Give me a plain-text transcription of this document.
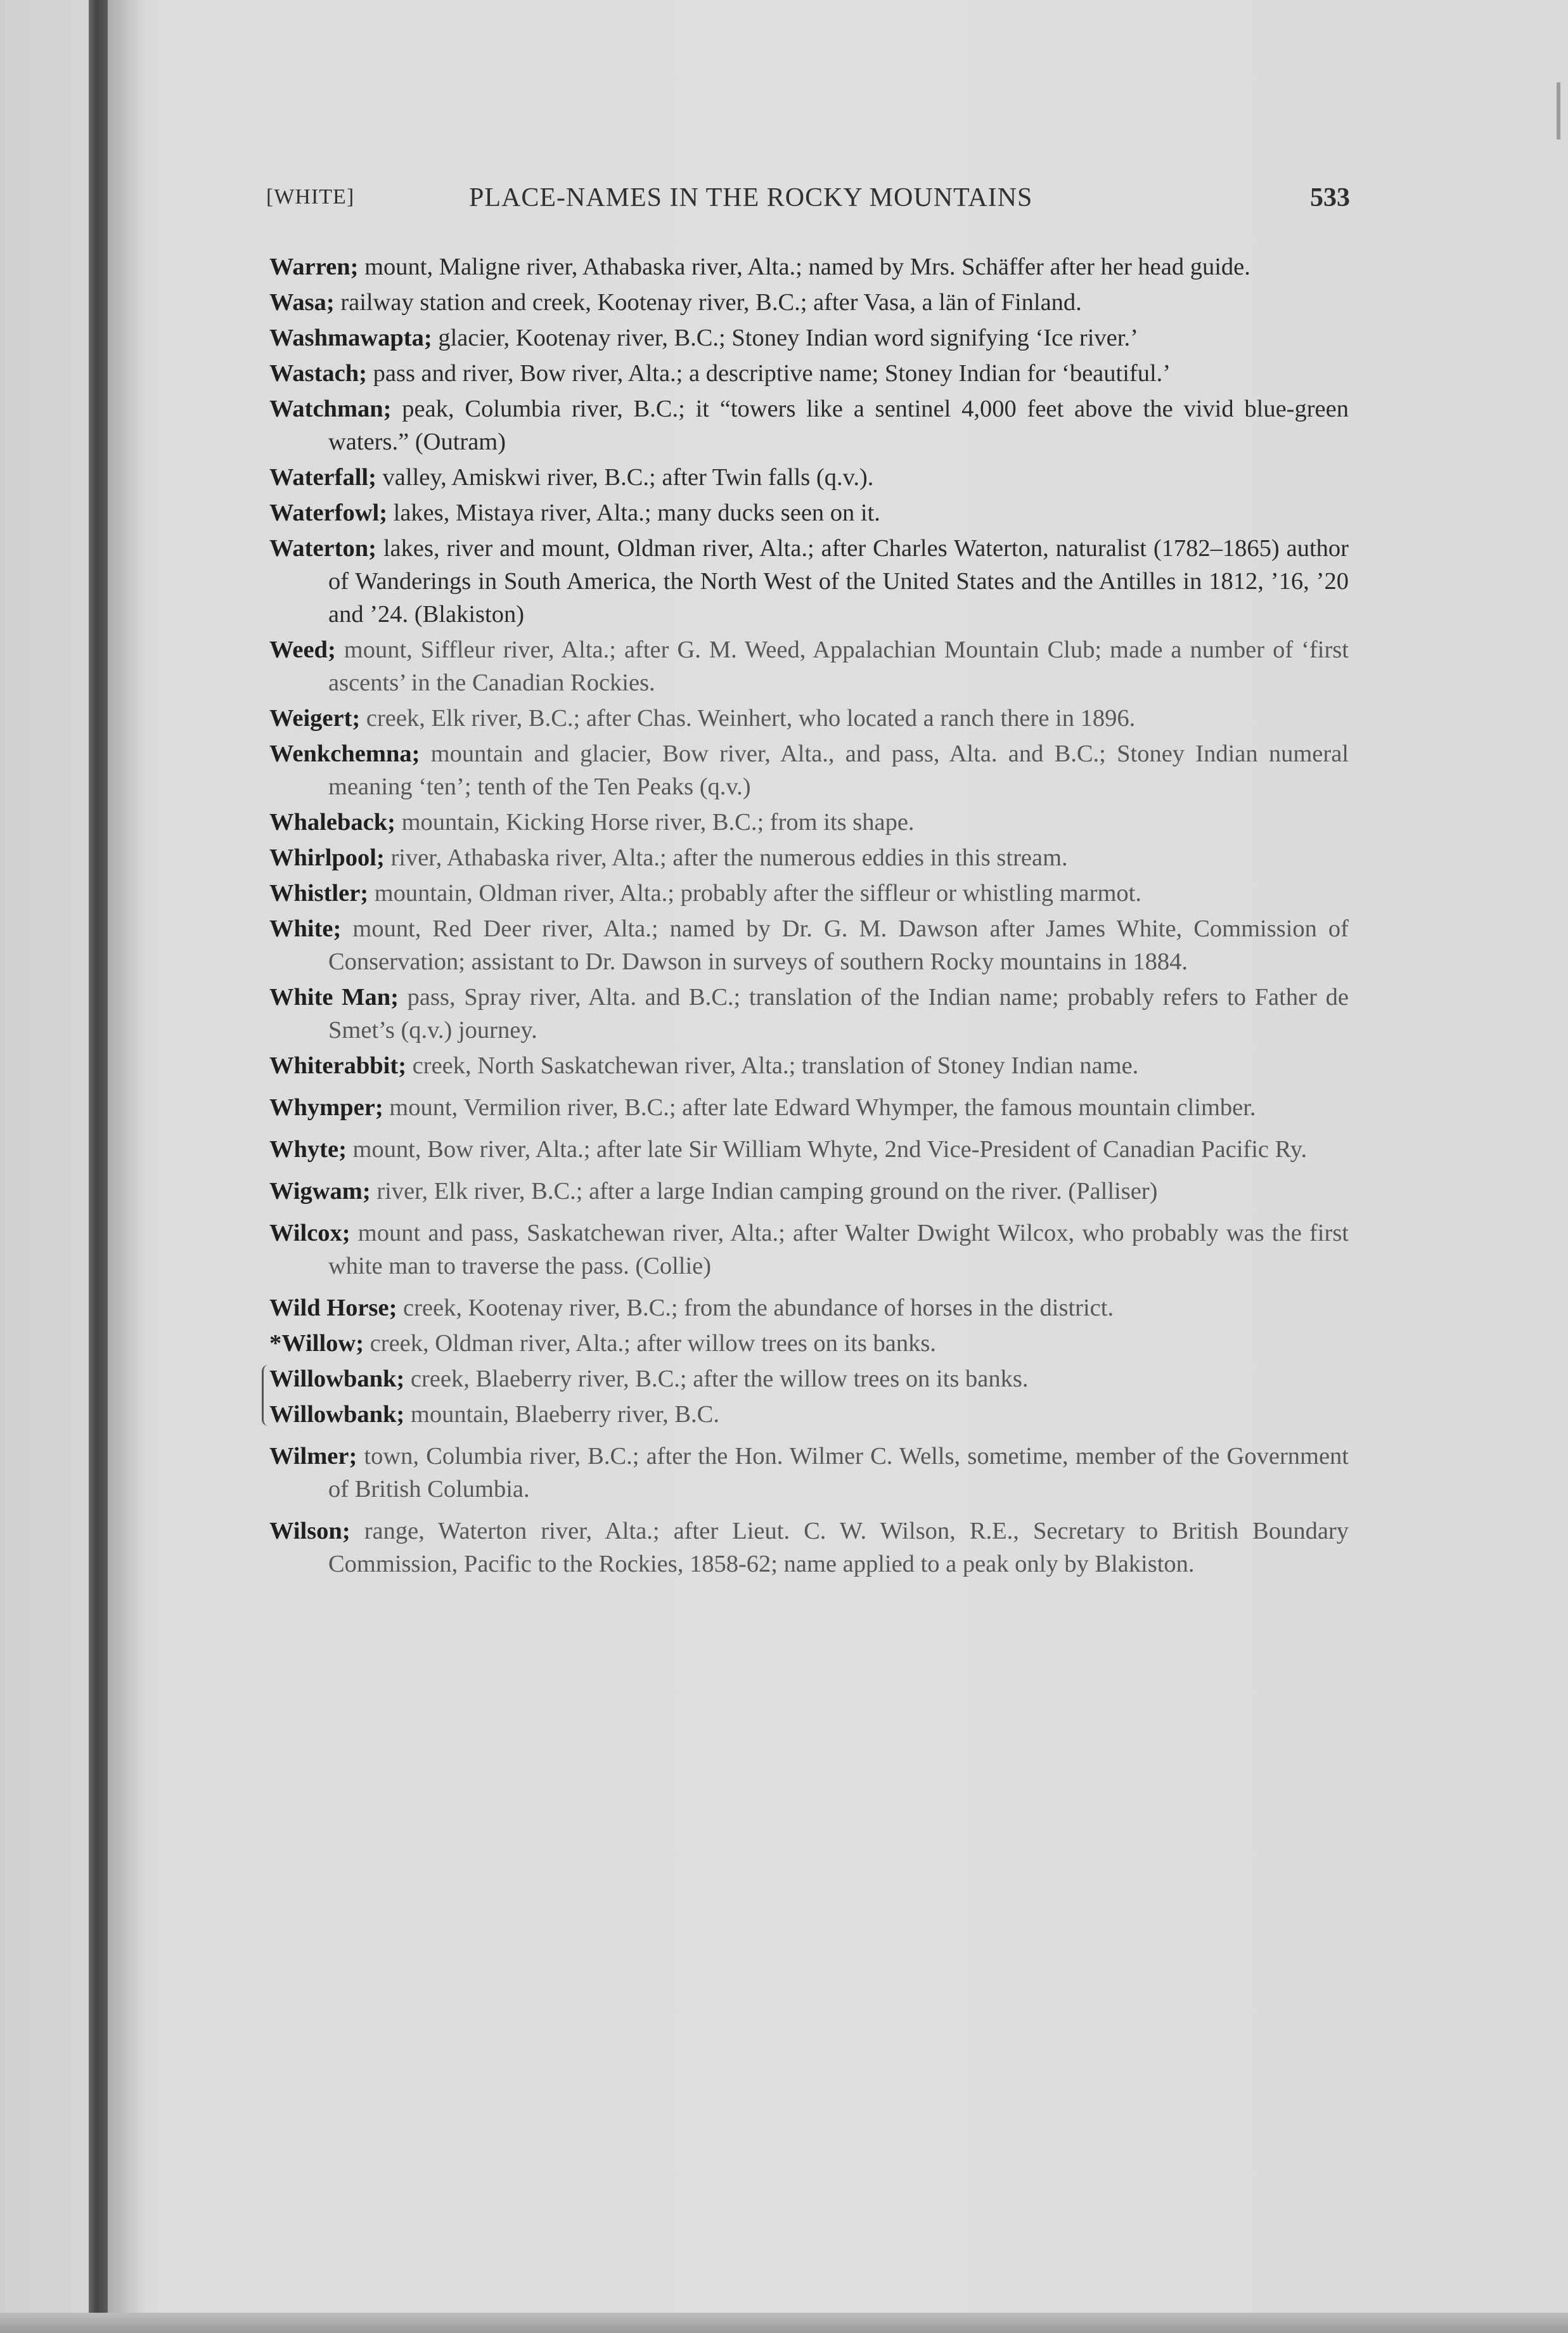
[WHITE]	PLACE-NAMES IN THE ROCKY MOUNTAINS	533
Warren; mount, Maligne river, Athabaska river, Alta.; named by Mrs. Schäffer after her head guide.
Wasa; railway station and creek, Kootenay river, B.C.; after Vasa, a län of Finland.
Washmawapta; glacier, Kootenay river, B.C.; Stoney Indian word signifying ‘Ice river.’
Wastach; pass and river, Bow river, Alta.; a descriptive name; Stoney Indian for ‘beautiful.’
Watchman; peak, Columbia river, B.C.; it “towers like a sentinel 4,000 feet above the vivid blue-green waters.” (Outram)
Waterfall; valley, Amiskwi river, B.C.; after Twin falls (q.v.).
Waterfowl; lakes, Mistaya river, Alta.; many ducks seen on it.
Waterton; lakes, river and mount, Oldman river, Alta.; after Charles Waterton, naturalist (1782–1865) author of Wanderings in South America, the North West of the United States and the Antilles in 1812, ’16, ’20 and ’24. (Blakiston)
Weed; mount, Siffleur river, Alta.; after G. M. Weed, Appalachian Mountain Club; made a number of ‘first ascents’ in the Canadian Rockies.
Weigert; creek, Elk river, B.C.; after Chas. Weinhert, who located a ranch there in 1896.
Wenkchemna; mountain and glacier, Bow river, Alta., and pass, Alta. and B.C.; Stoney Indian numeral meaning ‘ten’; tenth of the Ten Peaks (q.v.)
Whaleback; mountain, Kicking Horse river, B.C.; from its shape.
Whirlpool; river, Athabaska river, Alta.; after the numerous eddies in this stream.
Whistler; mountain, Oldman river, Alta.; probably after the siffleur or whistling marmot.
White; mount, Red Deer river, Alta.; named by Dr. G. M. Dawson after James White, Commission of Conservation; assistant to Dr. Dawson in surveys of southern Rocky mountains in 1884.
White Man; pass, Spray river, Alta. and B.C.; translation of the Indian name; probably refers to Father de Smet’s (q.v.) journey.
Whiterabbit; creek, North Saskatchewan river, Alta.; translation of Stoney Indian name.
Whymper; mount, Vermilion river, B.C.; after late Edward Whymper, the famous mountain climber.
Whyte; mount, Bow river, Alta.; after late Sir William Whyte, 2nd Vice-President of Canadian Pacific Ry.
Wigwam; river, Elk river, B.C.; after a large Indian camping ground on the river. (Palliser)
Wilcox; mount and pass, Saskatchewan river, Alta.; after Walter Dwight Wilcox, who probably was the first white man to traverse the pass. (Collie)
Wild Horse; creek, Kootenay river, B.C.; from the abundance of horses in the district.
*Willow; creek, Oldman river, Alta.; after willow trees on its banks.
Willowbank; creek, Blaeberry river, B.C.; after the willow trees on its banks.
Willowbank; mountain, Blaeberry river, B.C.
Wilmer; town, Columbia river, B.C.; after the Hon. Wilmer C. Wells, sometime, member of the Government of British Columbia.
Wilson; range, Waterton river, Alta.; after Lieut. C. W. Wilson, R.E., Secretary to British Boundary Commission, Pacific to the Rockies, 1858-62; name applied to a peak only by Blakiston.
